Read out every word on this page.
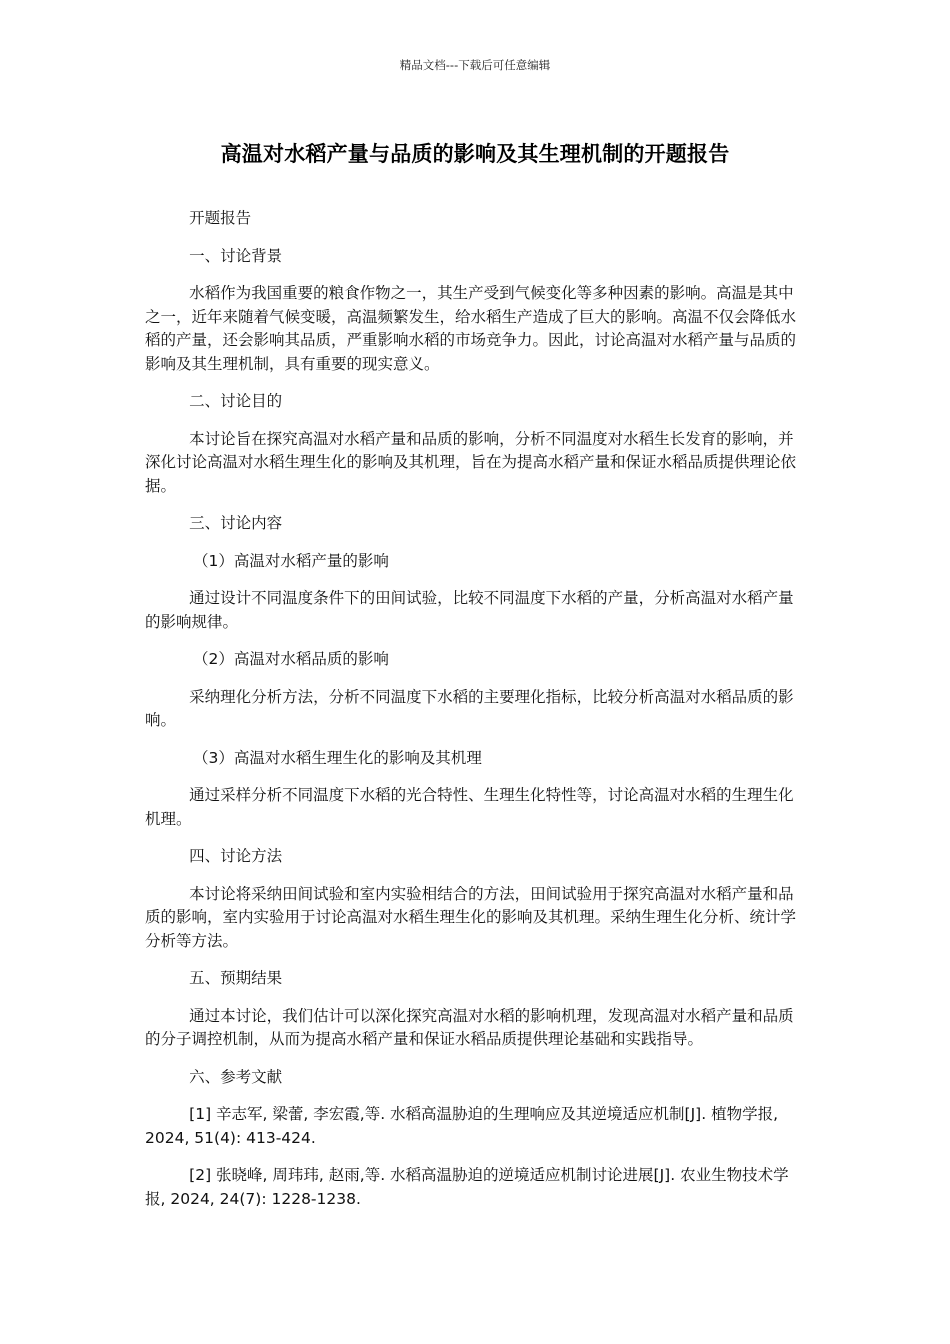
精品文档---下载后可任意编辑
高温对水稻产量与品质的影响及其生理机制的开题报告

开题报告

一、讨论背景

水稻作为我国重要的粮食作物之一，其生产受到气候变化等多种因素的影响。高温是其中之一，近年来随着气候变暖，高温频繁发生，给水稻生产造成了巨大的影响。高温不仅会降低水稻的产量，还会影响其品质，严重影响水稻的市场竞争力。因此，讨论高温对水稻产量与品质的影响及其生理机制，具有重要的现实意义。

二、讨论目的

本讨论旨在探究高温对水稻产量和品质的影响，分析不同温度对水稻生长发育的影响，并深化讨论高温对水稻生理生化的影响及其机理，旨在为提高水稻产量和保证水稻品质提供理论依据。

三、讨论内容

（1）高温对水稻产量的影响

通过设计不同温度条件下的田间试验，比较不同温度下水稻的产量，分析高温对水稻产量的影响规律。

（2）高温对水稻品质的影响

采纳理化分析方法，分析不同温度下水稻的主要理化指标，比较分析高温对水稻品质的影响。

（3）高温对水稻生理生化的影响及其机理

通过采样分析不同温度下水稻的光合特性、生理生化特性等，讨论高温对水稻的生理生化机理。

四、讨论方法

本讨论将采纳田间试验和室内实验相结合的方法，田间试验用于探究高温对水稻产量和品质的影响，室内实验用于讨论高温对水稻生理生化的影响及其机理。采纳生理生化分析、统计学分析等方法。

五、预期结果

通过本讨论，我们估计可以深化探究高温对水稻的影响机理，发现高温对水稻产量和品质的分子调控机制，从而为提高水稻产量和保证水稻品质提供理论基础和实践指导。

六、参考文献

[1] 辛志军, 梁蕾, 李宏霞,等. 水稻高温胁迫的生理响应及其逆境适应机制[J]. 植物学报, 2024, 51(4): 413-424.

[2] 张晓峰, 周玮玮, 赵雨,等. 水稻高温胁迫的逆境适应机制讨论进展[J]. 农业生物技术学报, 2024, 24(7): 1228-1238.
